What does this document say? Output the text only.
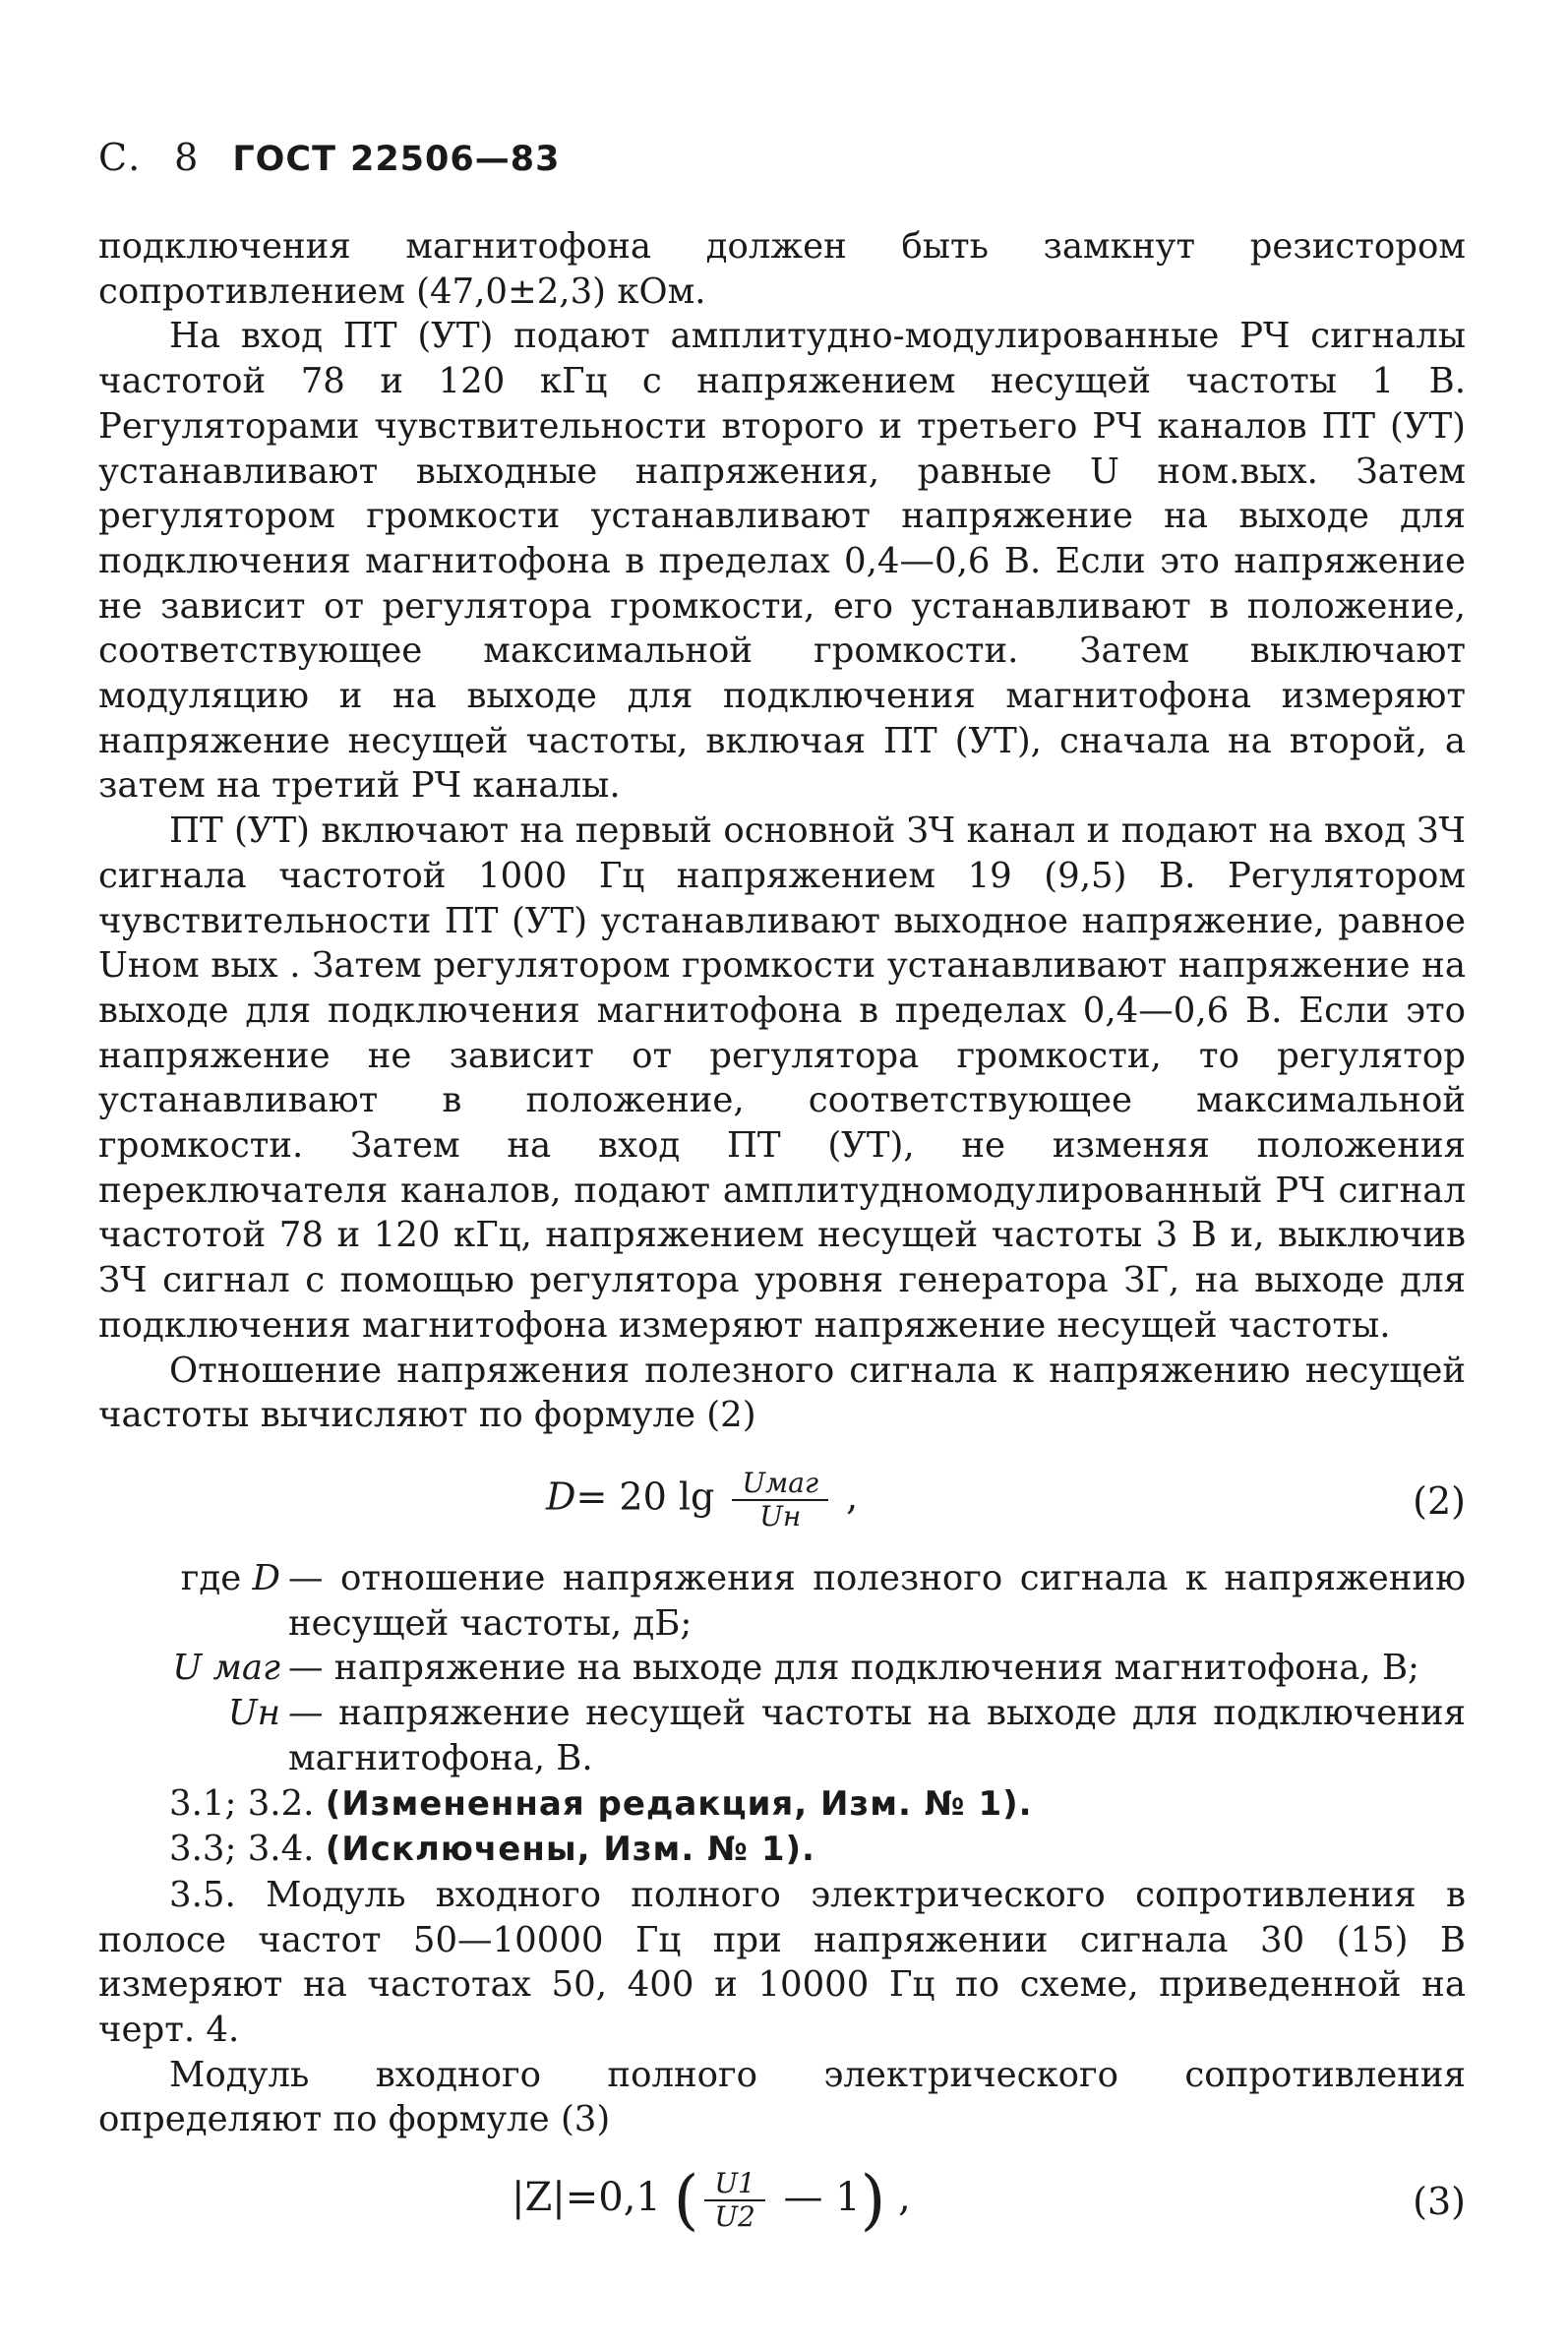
С. 8 ГОСТ 22506—83

подключения магнитофона должен быть замкнут резистором сопротивлением (47,0±2,3) кОм.

На вход ПТ (УТ) подают амплитудно-модулированные РЧ сигналы частотой 78 и 120 кГц с напряжением несущей частоты 1 В. Регуляторами чувствительности второго и третьего РЧ каналов ПТ (УТ) устанавливают выходные напряжения, равные U ном.вых. Затем регулятором громкости устанавливают напряжение на выходе для подключения магнитофона в пределах 0,4—0,6 В. Если это напряжение не зависит от регулятора громкости, его устанавливают в положение, соответствующее максимальной громкости. Затем выключают модуляцию и на выходе для подключения магнитофона измеряют напряжение несущей частоты, включая ПТ (УТ), сначала на второй, а затем на третий РЧ каналы.

ПТ (УТ) включают на первый основной ЗЧ канал и подают на вход ЗЧ сигнала частотой 1000 Гц напряжением 19 (9,5) В. Регулятором чувствительности ПТ (УТ) устанавливают выходное напряжение, равное Uном вых . Затем регулятором громкости устанавливают напряжение на выходе для подключения магнитофона в пределах 0,4—0,6 В. Если это напряжение не зависит от регулятора громкости, то регулятор устанавливают в положение, соответствующее максимальной громкости. Затем на вход ПТ (УТ), не изменяя положения переключателя каналов, подают амплитудномодулированный РЧ сигнал частотой 78 и 120 кГц, напряжением несущей частоты 3 В и, выключив ЗЧ сигнал с помощью регулятора уровня генератора ЗГ, на выходе для подключения магнитофона измеряют напряжение несущей частоты.

Отношение напряжения полезного сигнала к напряжению несущей частоты вычисляют по формуле (2)

D= 20 $\lg \frac{\text{Uмаг}}{Uн}$ ,	(2)
где D — отношение напряжения полезного сигнала к напряжению несущей частоты, дБ;
U маг — напряжение на выходе для подключения магнитофона, В;
Uн — напряжение несущей частоты на выходе для подключения магнитофона, В.

3.1; 3.2. (Измененная редакция, Изм. № 1).

3.3; 3.4. (Исключены, Изм. № 1).

3.5. Модуль входного полного электрического сопротивления в полосе частот 50—10000 Гц при напряжении сигнала 30 (15) В измеряют на частотах 50, 400 и 10000 Гц по схеме, приведенной на черт. 4.

Модуль входного полного электрического сопротивления определяют по формуле (3)

|Z|=0,1 ( $\frac{U1}{U2}$ — 1) ,	(3)
